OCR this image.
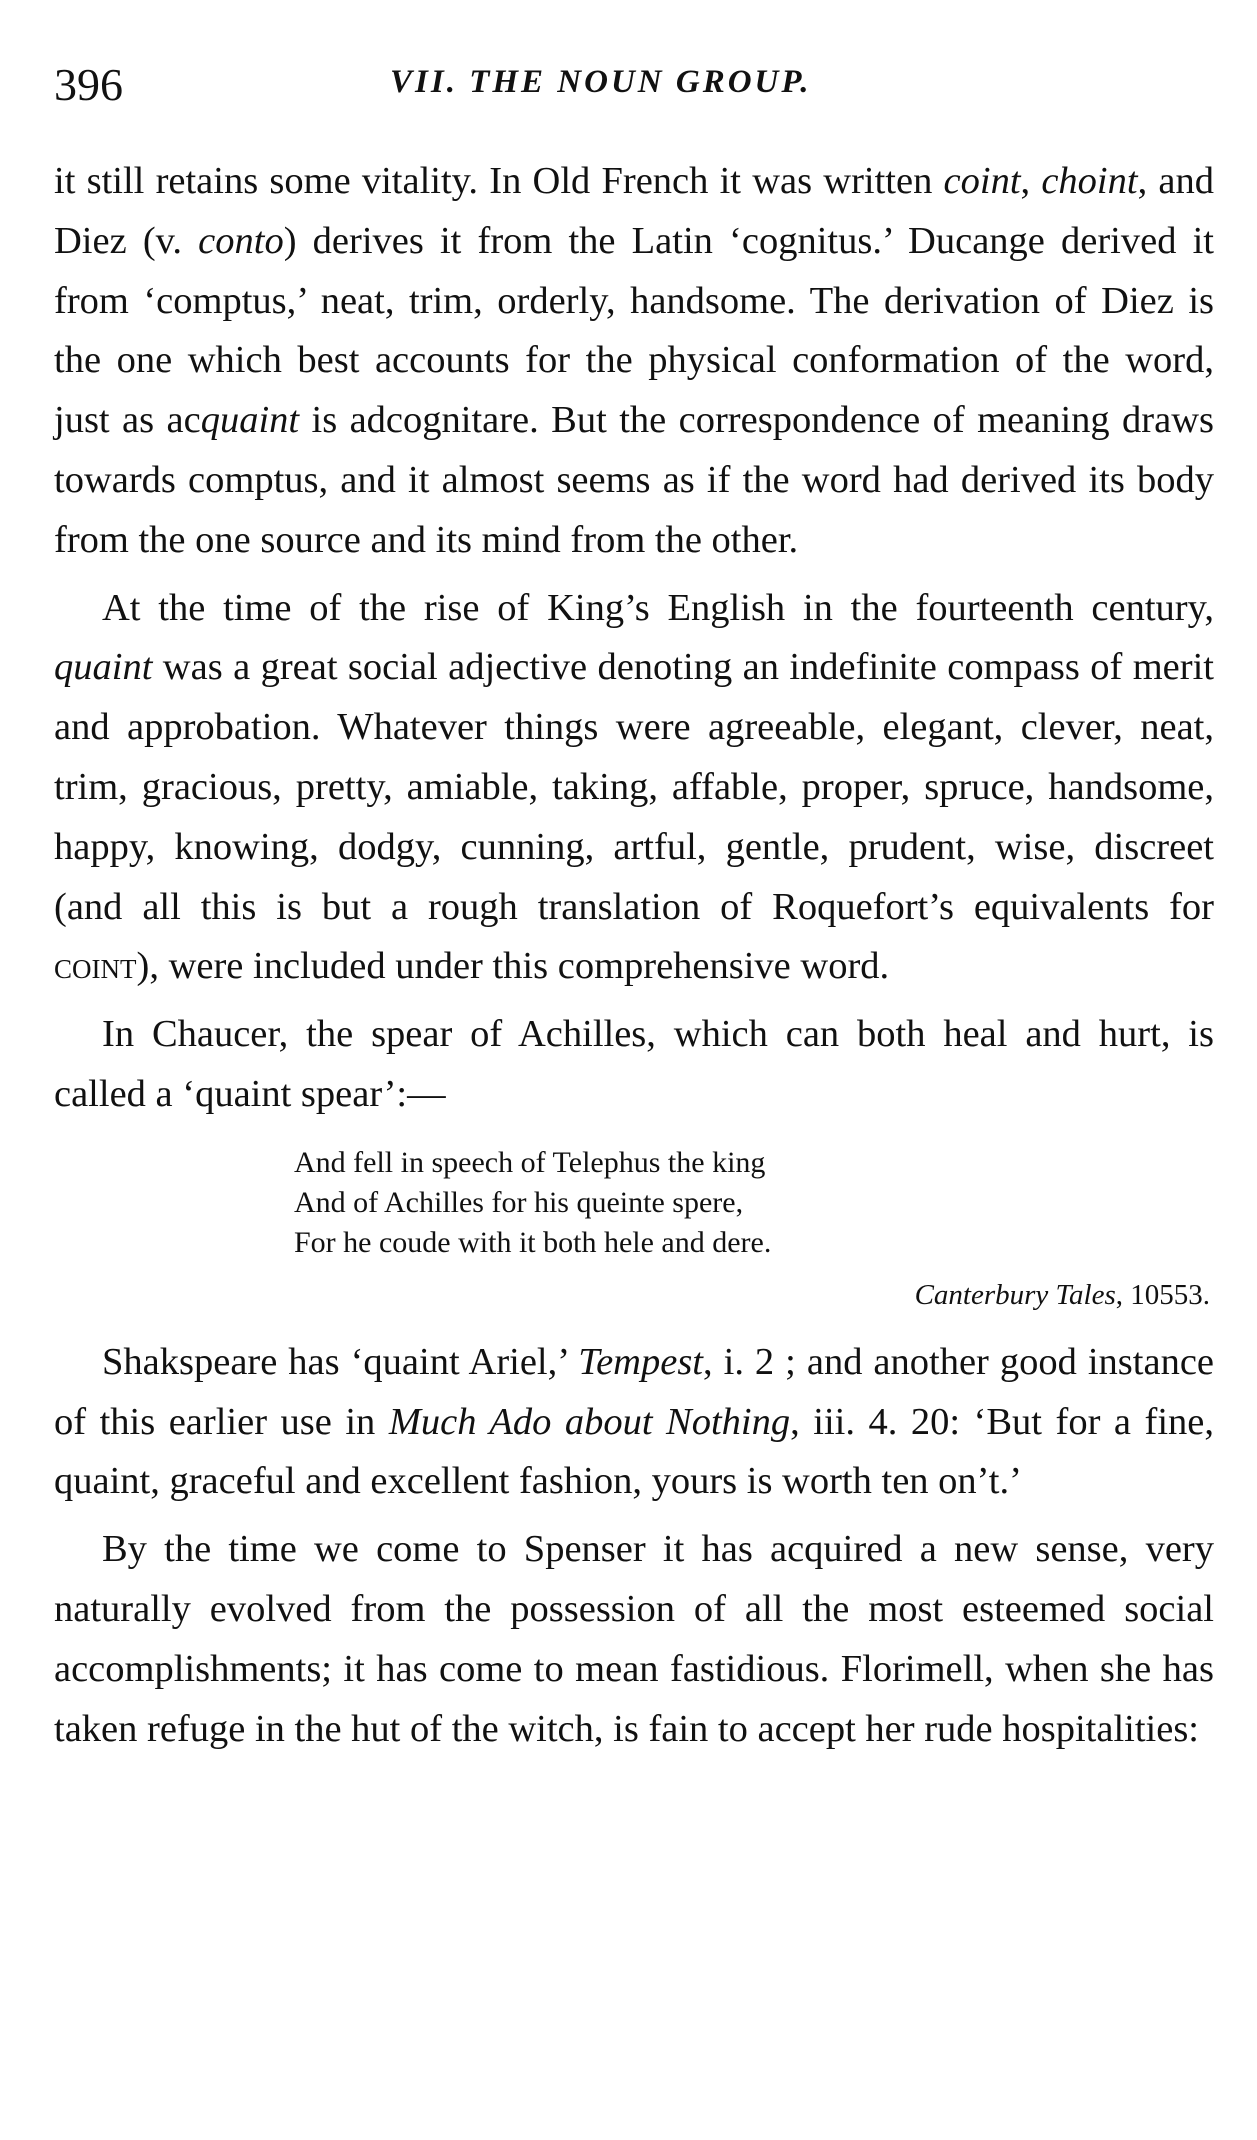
396	VII. THE NOUN GROUP.

it still retains some vitality. In Old French it was written coint, choint, and Diez (v. conto) derives it from the Latin ‘cognitus.’ Ducange derived it from ‘comptus,’ neat, trim, orderly, handsome. The derivation of Diez is the one which best accounts for the physical conformation of the word, just as acquaint is adcognitare. But the correspondence of meaning draws towards comptus, and it almost seems as if the word had derived its body from the one source and its mind from the other.

At the time of the rise of King’s English in the fourteenth century, quaint was a great social adjective denoting an indefinite compass of merit and approbation. Whatever things were agreeable, elegant, clever, neat, trim, gracious, pretty, amiable, taking, affable, proper, spruce, handsome, happy, knowing, dodgy, cunning, artful, gentle, prudent, wise, discreet (and all this is but a rough translation of Roquefort’s equivalents for coint), were included under this comprehensive word.

In Chaucer, the spear of Achilles, which can both heal and hurt, is called a ‘quaint spear’:—

And fell in speech of Telephus the king
And of Achilles for his queinte spere,
For he coude with it both hele and dere.
Canterbury Tales, 10553.

Shakspeare has ‘quaint Ariel,’ Tempest, i. 2 ; and another good instance of this earlier use in Much Ado about Nothing, iii. 4. 20: ‘But for a fine, quaint, graceful and excellent fashion, yours is worth ten on’t.’

By the time we come to Spenser it has acquired a new sense, very naturally evolved from the possession of all the most esteemed social accomplishments; it has come to mean fastidious. Florimell, when she has taken refuge in the hut of the witch, is fain to accept her rude hospitalities:
